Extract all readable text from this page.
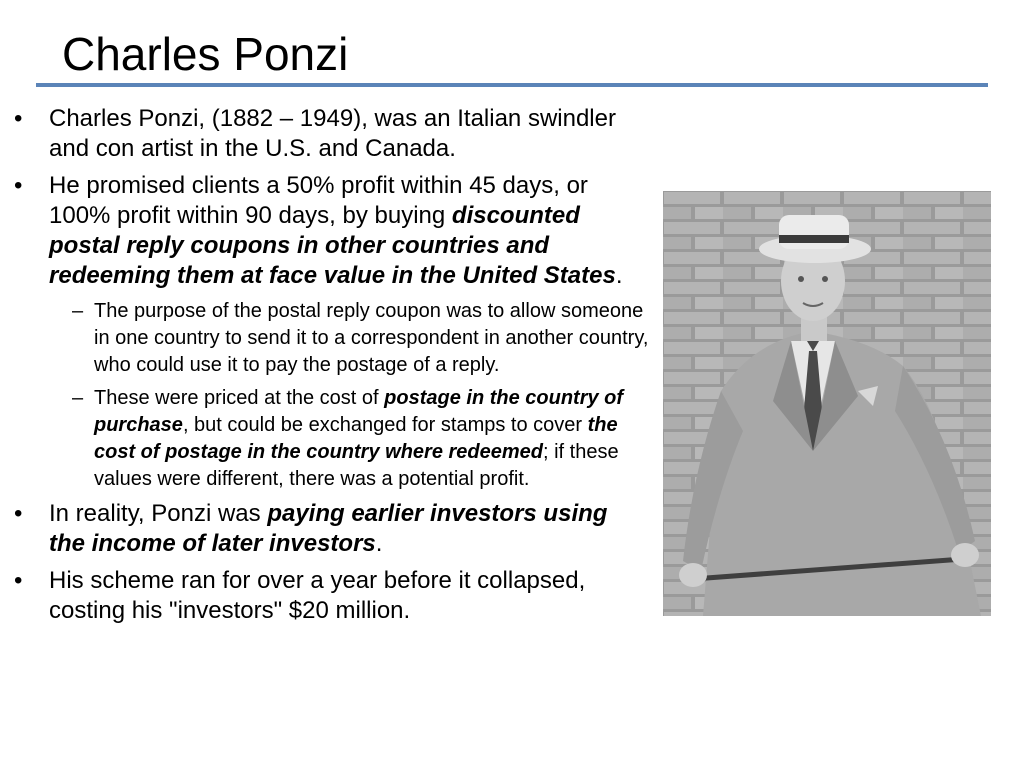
Charles Ponzi
• Charles Ponzi, (1882 – 1949), was an Italian swindler and con artist in the U.S. and Canada.
• He promised clients a 50% profit within 45 days, or 100% profit within 90 days, by buying discounted postal reply coupons in other countries and redeeming them at face value in the United States.
– The purpose of the postal reply coupon was to allow someone in one country to send it to a correspondent in another country, who could use it to pay the postage of a reply.
– These were priced at the cost of postage in the country of purchase, but could be exchanged for stamps to cover the cost of postage in the country where redeemed; if these values were different, there was a potential profit.
• In reality, Ponzi was paying earlier investors using the income of later investors.
• His scheme ran for over a year before it collapsed, costing his "investors" $20 million.
